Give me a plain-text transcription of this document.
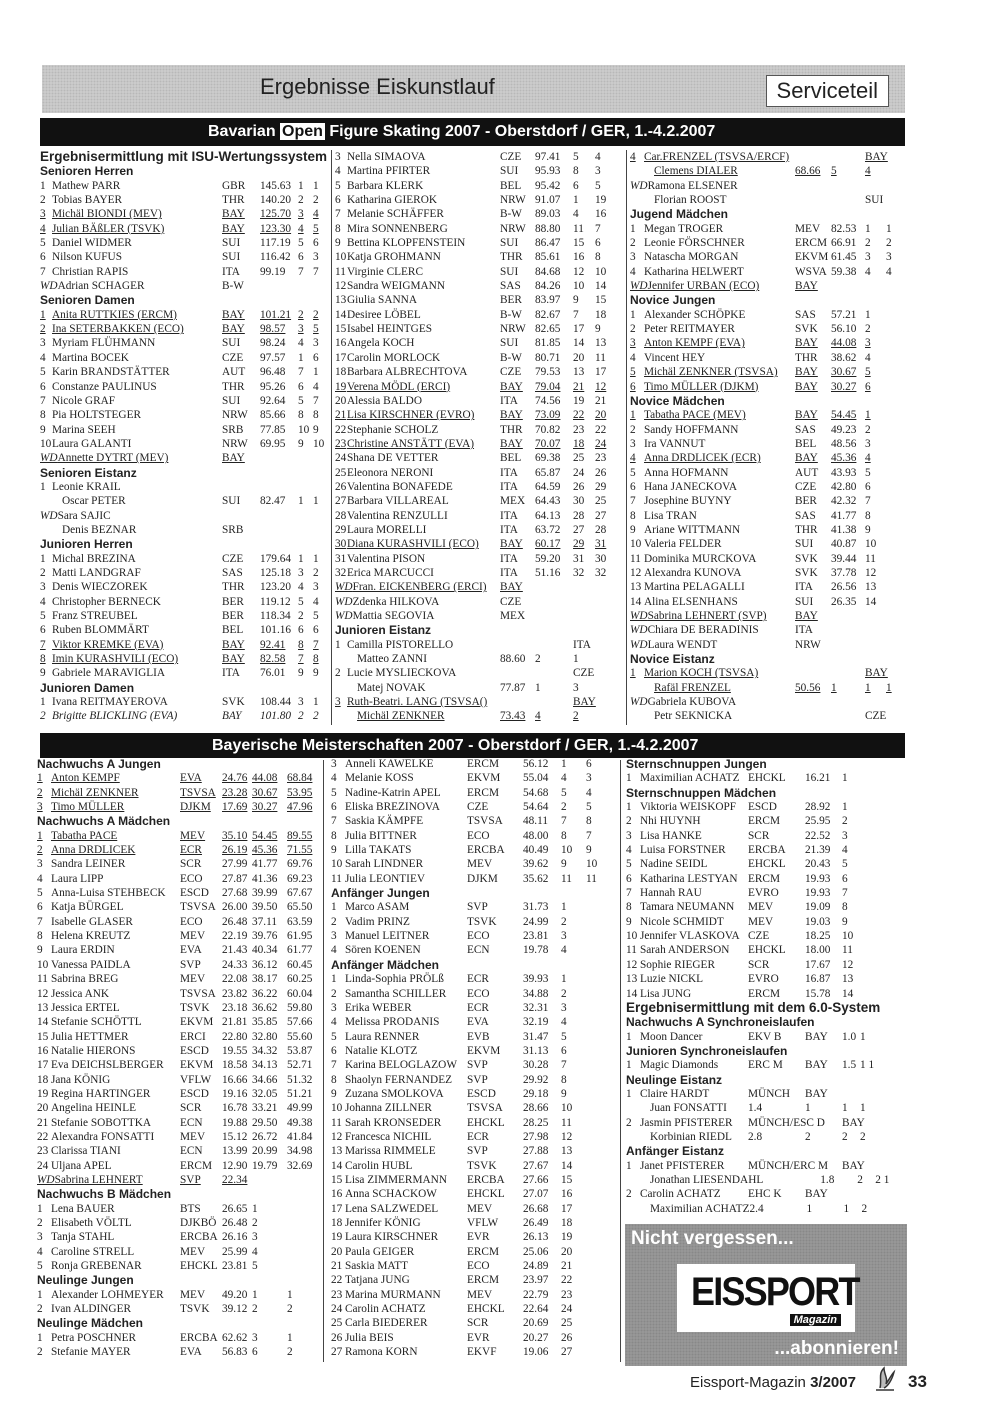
Ergebnisse Eiskunstlauf	Serviceteil
Bavarian Open Figure Skating 2007 - Oberstdorf / GER, 1.-4.2.2007
Ergebnisermittlung mit ISU-Wertungssystem
Senioren Herren
1 Mathew PARR	GBR	145.63 1 1
2 Tobias BAYER	THR	140.20 2 2
3 Michäl BIONDI (MEV)	BAY	125.70 3 4
4 Julian BÄßLER (TSVK)	BAY	123.30 4 5
5 Daniel WIDMER	SUI	117.19 5 6
6 Nilson KUFUS	SUI	116.42 6 3
7 Christian RAPIS	ITA	99.19	7 7
WD Adrian SCHAGER	B-W
Senioren Damen
1 Anita RUTTKIES (ERCM)	BAY	101.21 2 2
2 Ina SETERBAKKEN (ECO)	BAY	98.57	3 5
3 Myriam FLÜHMANN	SUI	98.24	4 3
4 Martina BOCEK	CZE	97.57	1 6
5 Karin BRANDSTÄTTER	AUT	96.48	7 1
6 Constanze PAULINUS	THR	95.26	6 4
7 Nicole GRAF	SUI	92.64	5 7
8 Pia HOLTSTEGER	NRW	85.66	8 8
9 Marina SEEH	SRB	77.85	10 9
10 Laura GALANTI	NRW	69.95	9 10
WD Annette DYTRT (MEV)	BAY
Senioren Eistanz
1 Leonie KRAIL
Oscar PETER	SUI	82.47	1 1
WD Sara SAJIC
Denis BEZNAR	SRB
Junioren Herren
1 Michal BREZINA	CZE	179.64 1 1
2 Matti LANDGRAF	SAS	125.18 3 2
3 Denis WIECZOREK	THR	123.20 4 3
4 Christopher BERNECK	BER	119.12 5 4
5 Franz STREUBEL	BER	118.34 2 5
6 Ruben BLOMMÄRT	BEL	101.16 6 6
7 Viktor KREMKE (EVA)	BAY	92.41	8 7
8 Imin KURASHVILI (ECO)	BAY	82.58	7 8
9 Gabriele MARAVIGLIA	ITA	76.01	9 9
Junioren Damen
1 Ivana REITMAYEROVA	SVK	108.44 3 1
2 Brigitte BLICKLING (EVA)	BAY	101.80 2 2
3 Nella SIMAOVA	CZE	97.41	5	4
4 Martina PFIRTER	SUI	95.93	8	3
5 Barbara KLERK	BEL	95.42	6	5
6 Katharina GIEROK	NRW 91.07	1	19
7 Melanie SCHÄFFER	B-W	89.03	4	16
8 Mira SONNENBERG	NRW 88.80	11 7
9 Bettina KLOPFENSTEIN	SUI	86.47	15 6
10 Katja GROHMANN	THR	85.61	16 8
11 Virginie CLERC	SUI	84.68	12 10
12 Sandra WEIGMANN	SAS	84.26	10 14
13 Giulia SANNA	BER	83.97	9	15
14 Desiree LÖBEL	B-W	82.67	7	18
15 Isabel HEINTGES	NRW 82.65	17 9
16 Angela KOCH	SUI	81.85	14 13
17 Carolin MORLOCK	B-W	80.71	20 11
18 Barbara ALBRECHTOVA	CZE	79.53	13 17
19 Verena MÖDL (ERCI)	BAY	79.04	21 12
20 Alessia BALDO	ITA	74.56	19 21
21 Lisa KIRSCHNER (EVRO)	BAY	73.09	22 20
22 Stephanie SCHOLZ	THR	70.82	23 22
23 Christine ANSTÄTT (EVA)	BAY	70.07	18 24
24 Shana DE VETTER	BEL	69.38	25 23
25 Eleonora NERONI	ITA	65.87	24 26
26 Valentina BONAFEDE	ITA	64.59	26 29
27 Barbara VILLAREAL	MEX 64.43	30 25
28 Valentina RENZULLI	ITA	64.13	28 27
29 Laura MORELLI	ITA	63.72	27 28
30 Diana KURASHVILI (ECO)	BAY	60.17	29 31
31 Valentina PISON	ITA	59.20	31 30
32 Erica MARCUCCI	ITA	51.16	32 32
WD Fran. EICKENBERG (ERCI)	BAY
WD Zdenka HILKOVA	CZE
WD Mattia SEGOVIA	MEX
Junioren Eistanz
1 Camilla PISTORELLO	ITA
Matteo ZANNI	88.60 2	1
2 Lucie MYSLIECKOVA	CZE
Matej NOVAK	77.87 1	3
3 Ruth-Beatri. LANG (TSVSA()	BAY
Michäl ZENKNER	73.43 4	2
4 Car.FRENZEL (TSVSA/ERCF)	BAY
Clemens DIALER	68.66 5	4
WD Ramona ELSENER
Florian ROOST	SUI
Jugend Mädchen
1 Megan TROGER	MEV 82.53 1	1
2 Leonie FÖRSCHNER	ERCM 66.91 2	2
3 Natascha MORGAN	EKVM 61.45 3	3
4 Katharina HELWERT	WSVA 59.38 4	4
WD Jennifer URBAN (ECO)	BAY
Novice Jungen
1 Alexander SCHÖPKE	SAS	57.21 1
2 Peter REITMAYER	SVK	56.10 2
3 Anton KEMPF (EVA)	BAY	44.08 3
4 Vincent HEY	THR	38.62 4
5 Michäl ZENKNER (TSVSA)	BAY	30.67 5
6 Timo MÜLLER (DJKM)	BAY	30.27 6
Novice Mädchen
1 Tabatha PACE (MEV)	BAY	54.45 1
2 Sandy HOFFMANN	SAS	49.23 2
3 Ira VANNUT	BEL	48.56 3
4 Anna DRDLICEK (ECR)	BAY	45.36 4
5 Anna HOFMANN	AUT	43.93 5
6 Hana JANECKOVA	CZE	42.80 6
7 Josephine BUYNY	BER	42.32 7
8 Lisa TRAN	SAS	41.77 8
9 Ariane WITTMANN	THR	41.38 9
10 Valeria FELDER	SUI	40.87 10
11 Dominika MURCKOVA	SVK	39.44 11
12 Alexandra KUNOVA	SVK	37.78 12
13 Martina PELAGALLI	ITA	26.56 13
14 Alina ELSENHANS	SUI	26.35 14
WD Sabrina LEHNERT (SVP)	BAY
WD Chiara DE BERADINIS	ITA
WD Laura WENDT	NRW
Novice Eistanz
1 Marion KOCH (TSVSA)	BAY
Rafäl FRENZEL	50.56 1	1	1
WD Gabriela KUBOVA
Petr SEKNICKA	CZE
Bayerische Meisterschaften 2007 - Oberstdorf / GER, 1.-4.2.2007
Nachwuchs A Jungen
1 Anton KEMPF	EVA	24.76 44.08 68.84
2 Michäl ZENKNER	TSVSA 23.28 30.67 53.95
3 Timo MÜLLER	DJKM 17.69 30.27 47.96
Nachwuchs A Mädchen
1 Tabatha PACE	MEV	35.10 54.45 89.55
2 Anna DRDLICEK	ECR	26.19 45.36 71.55
3 Sandra LEINER	SCR	27.99 41.77 69.76
4 Laura LIPP	ECO	27.87 41.36 69.23
5 Anna-Luisa STEHBECK	ESCD	27.68 39.99 67.67
6 Katja BÜRGEL	TSVSA 26.00 39.50 65.50
7 Isabelle GLASER	ECO	26.48 37.11 63.59
8 Helena KREUTZ	MEV	22.19 39.76 61.95
9 Laura ERDIN	EVA	21.43 40.34 61.77
10 Vanessa PAIDLA	SVP	24.33 36.12 60.45
11 Sabrina BREG	MEV	22.08 38.17 60.25
12 Jessica ANK	TSVSA 23.82 36.22 60.04
13 Jessica ERTEL	TSVK	23.18 36.62 59.80
14 Stefanie SCHÖTTL	EKVM 21.81 35.85 57.66
15 Julia HETTMER	ERCI	22.80 32.80 55.60
16 Natalie HIERONS	ESCD	19.55 34.32 53.87
17 Eva DEICHSLBERGER	EKVM 18.58 34.13 52.71
18 Jana KÖNIG	VFLW 16.66 34.66 51.32
19 Regina HARTINGER	ESCD	19.16 32.05 51.21
20 Angelina HEINLE	SCR	16.78 33.21 49.99
21 Stefanie SOBOTTKA	ECN	19.88 29.50 49.38
22 Alexandra FONSATTI	MEV	15.12 26.72 41.84
23 Clarissa TIANI	ECN	13.99 20.99 34.98
24 Uljana APEL	ERCM 12.90 19.79 32.69
WD Sabrina LEHNERT	SVP	22.34
Nachwuchs B Mädchen
1 Lena BAUER	BTS	26.65 1
2 Elisabeth VÖLTL	DJKBÖ 26.48 2
3 Tanja STAHL	ERCBA 26.16 3
4 Caroline STRELL	MEV	25.99 4
5 Ronja GREBENAR	EHCKL 23.81 5
Neulinge Jungen
1 Alexander LOHMEYER	MEV	49.20 1	1
2 Ivan ALDINGER	TSVK	39.12 2	2
Neulinge Mädchen
1 Petra POSCHNER	ERCBA 62.62 3	1
2 Stefanie MAYER	EVA	56.83 6	2
3 Anneli KAWELKE	ERCM	56.12	1	6
4 Melanie KOSS	EKVM	55.04	4	3
5 Nadine-Katrin APEL	ERCM	54.68	5	4
6 Eliska BREZINOVA	CZE	54.64	2	5
7 Saskia KÄMPFE	TSVSA	48.11	7	8
8 Julia BITTNER	ECO	48.00	8	7
9 Lilla TAKATS	ERCBA	40.49	10	9
10 Sarah LINDNER	MEV	39.62	9	10
11 Julia LEONTIEV	DJKM	35.62	11	11
Anfänger Jungen
1 Marco ASAM	SVP	31.73	1
2 Vadim PRINZ	TSVK	24.99	2
3 Manuel LEITNER	ECO	23.81	3
4 Sören KOENEN	ECN	19.78	4
Anfänger Mädchen
1 Linda-Sophia PRÖLß	ECR	39.93	1
2 Samantha SCHILLER	ECO	34.88	2
3 Erika WEBER	ECR	32.31	3
4 Melissa PRODANIS	EVA	32.19	4
5 Laura RENNER	EVB	31.47	5
6 Natalie KLOTZ	EKVM	31.13	6
7 Karina BELOGLAZOW SVP	30.28	7
8 Shaolyn FERNANDEZ	SVP	29.92	8
9 Zuzana SMOLKOVA	ESCD	29.18	9
10 Johanna ZILLNER	TSVSA	28.66	10
11 Sarah KRONSEDER	EHCKL	28.25	11
12 Francesca NICHIL	ECR	27.98	12
13 Marissa RIMMELE	SVP	27.88	13
14 Carolin HUBL	TSVK	27.67	14
15 Lisa ZIMMERMANN	ERCBA	27.66	15
16 Anna SCHACKOW	EHCKL	27.07	16
17 Lena SALZWEDEL	MEV	26.68	17
18 Jennifer KÖNIG	VFLW	26.49	18
19 Laura KIRSCHNER	EVR	26.13	19
20 Paula GEIGER	ERCM	25.06	20
21 Saskia MATT	ECO	24.89	21
22 Tatjana JUNG	ERCM	23.97	22
23 Marina MURMANN	MEV	22.79	23
24 Carolin ACHATZ	EHCKL	22.64	24
25 Carla BIEDERER	SCR	20.69	25
26 Julia BEIS	EVR	20.27	26
27 Ramona KORN	EKVF	19.06	27
Sternschnuppen Jungen
1 Maximilian ACHATZ EHCKL	16.21	1
Sternschnuppen Mädchen
1 Viktoria WEISKOPF	ESCD	28.92	1
2 Nhi HUYNH	ERCM	25.95	2
3 Lisa HANKE	SCR	22.52	3
4 Luisa FORSTNER	ERCBA	21.39	4
5 Nadine SEIDL	EHCKL	20.43	5
6 Katharina LESTYAN ERCM	19.93	6
7 Hannah RAU	EVRO	19.93	7
8 Tamara NEUMANN	MEV	19.09	8
9 Nicole SCHMIDT	MEV	19.03	9
10 Jennifer VLASKOVA CZE	18.25	10
11 Sarah ANDERSON	EHCKL	18.00	11
12 Sophie RIEGER	SCR	17.67	12
13 Luzie NICKL	EVRO	16.87	13
14 Lisa JUNG	ERCM	15.78	14
Ergebnisermittlung mit dem 6.0-System
Nachwuchs A Synchroneislaufen
1 Moon Dancer	EKV B	BAY	1.0 1
Junioren Synchroneislaufen
1 Magic Diamonds	ERC M	BAY	1.5 1 1
Neulinge Eistanz
1 Claire HARDT	MÜNCH	BAY
Juan FONSATTI	1.4	1	1	1
2 Jasmin PFISTERER	MÜNCH/ESC D BAY
Korbinian RIEDL	2.8	2	2	2
Anfänger Eistanz
1 Janet PFISTERER	MÜNCH/ERC M BAY
Jonathan LIESENDAHL	1.8	2	2 1
2 Carolin ACHATZ	EHC K	BAY
Maximilian ACHATZ 2.4	1	1	2
Nicht vergessen...
EISSPORT
Magazin
...abonnieren!
Eissport-Magazin 3/2007	33
